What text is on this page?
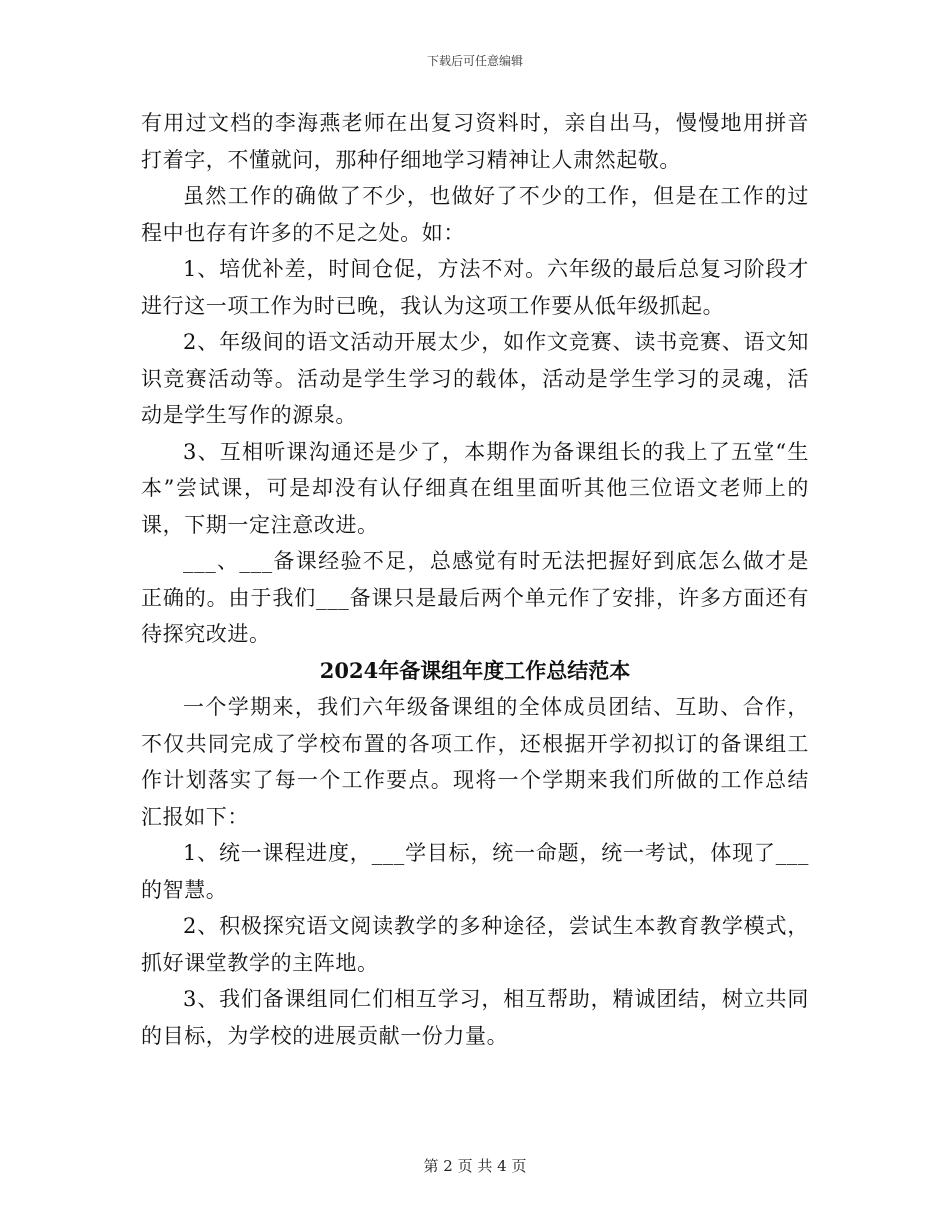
下载后可任意编辑

有用过文档的李海燕老师在出复习资料时，亲自出马，慢慢地用拼音打着字，不懂就问，那种仔细地学习精神让人肃然起敬。

虽然工作的确做了不少，也做好了不少的工作，但是在工作的过程中也存有许多的不足之处。如：

1、培优补差，时间仓促，方法不对。六年级的最后总复习阶段才进行这一项工作为时已晚，我认为这项工作要从低年级抓起。

2、年级间的语文活动开展太少，如作文竞赛、读书竞赛、语文知识竞赛活动等。活动是学生学习的载体，活动是学生学习的灵魂，活动是学生写作的源泉。

3、互相听课沟通还是少了，本期作为备课组长的我上了五堂“生本”尝试课，可是却没有认仔细真在组里面听其他三位语文老师上的课，下期一定注意改进。

___、___备课经验不足，总感觉有时无法把握好到底怎么做才是正确的。由于我们___备课只是最后两个单元作了安排，许多方面还有待探究改进。

2024年备课组年度工作总结范本

一个学期来，我们六年级备课组的全体成员团结、互助、合作，不仅共同完成了学校布置的各项工作，还根据开学初拟订的备课组工作计划落实了每一个工作要点。现将一个学期来我们所做的工作总结汇报如下：

1、统一课程进度，___学目标，统一命题，统一考试，体现了___的智慧。

2、积极探究语文阅读教学的多种途径，尝试生本教育教学模式，抓好课堂教学的主阵地。

3、我们备课组同仁们相互学习，相互帮助，精诚团结，树立共同的目标，为学校的进展贡献一份力量。

第 2 页 共 4 页
